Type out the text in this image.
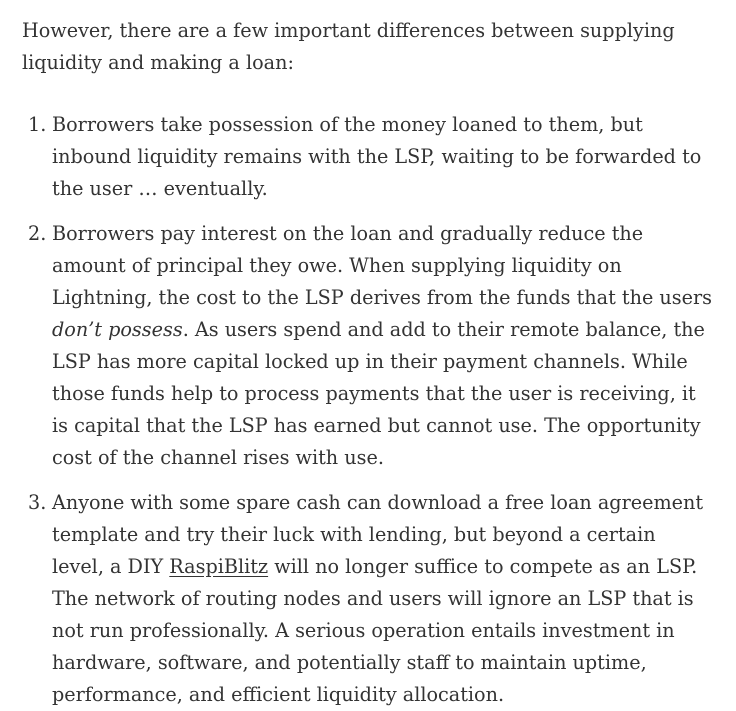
However, there are a few important differences between supplying liquidity and making a loan:

1. Borrowers take possession of the money loaned to them, but inbound liquidity remains with the LSP, waiting to be forwarded to the user … eventually.
2. Borrowers pay interest on the loan and gradually reduce the amount of principal they owe. When supplying liquidity on Lightning, the cost to the LSP derives from the funds that the users don’t possess. As users spend and add to their remote balance, the LSP has more capital locked up in their payment channels. While those funds help to process payments that the user is receiving, it is capital that the LSP has earned but cannot use. The opportunity cost of the channel rises with use.
3. Anyone with some spare cash can download a free loan agreement template and try their luck with lending, but beyond a certain level, a DIY RaspiBlitz will no longer suffice to compete as an LSP. The network of routing nodes and users will ignore an LSP that is not run professionally. A serious operation entails investment in hardware, software, and potentially staff to maintain uptime, performance, and efficient liquidity allocation.
